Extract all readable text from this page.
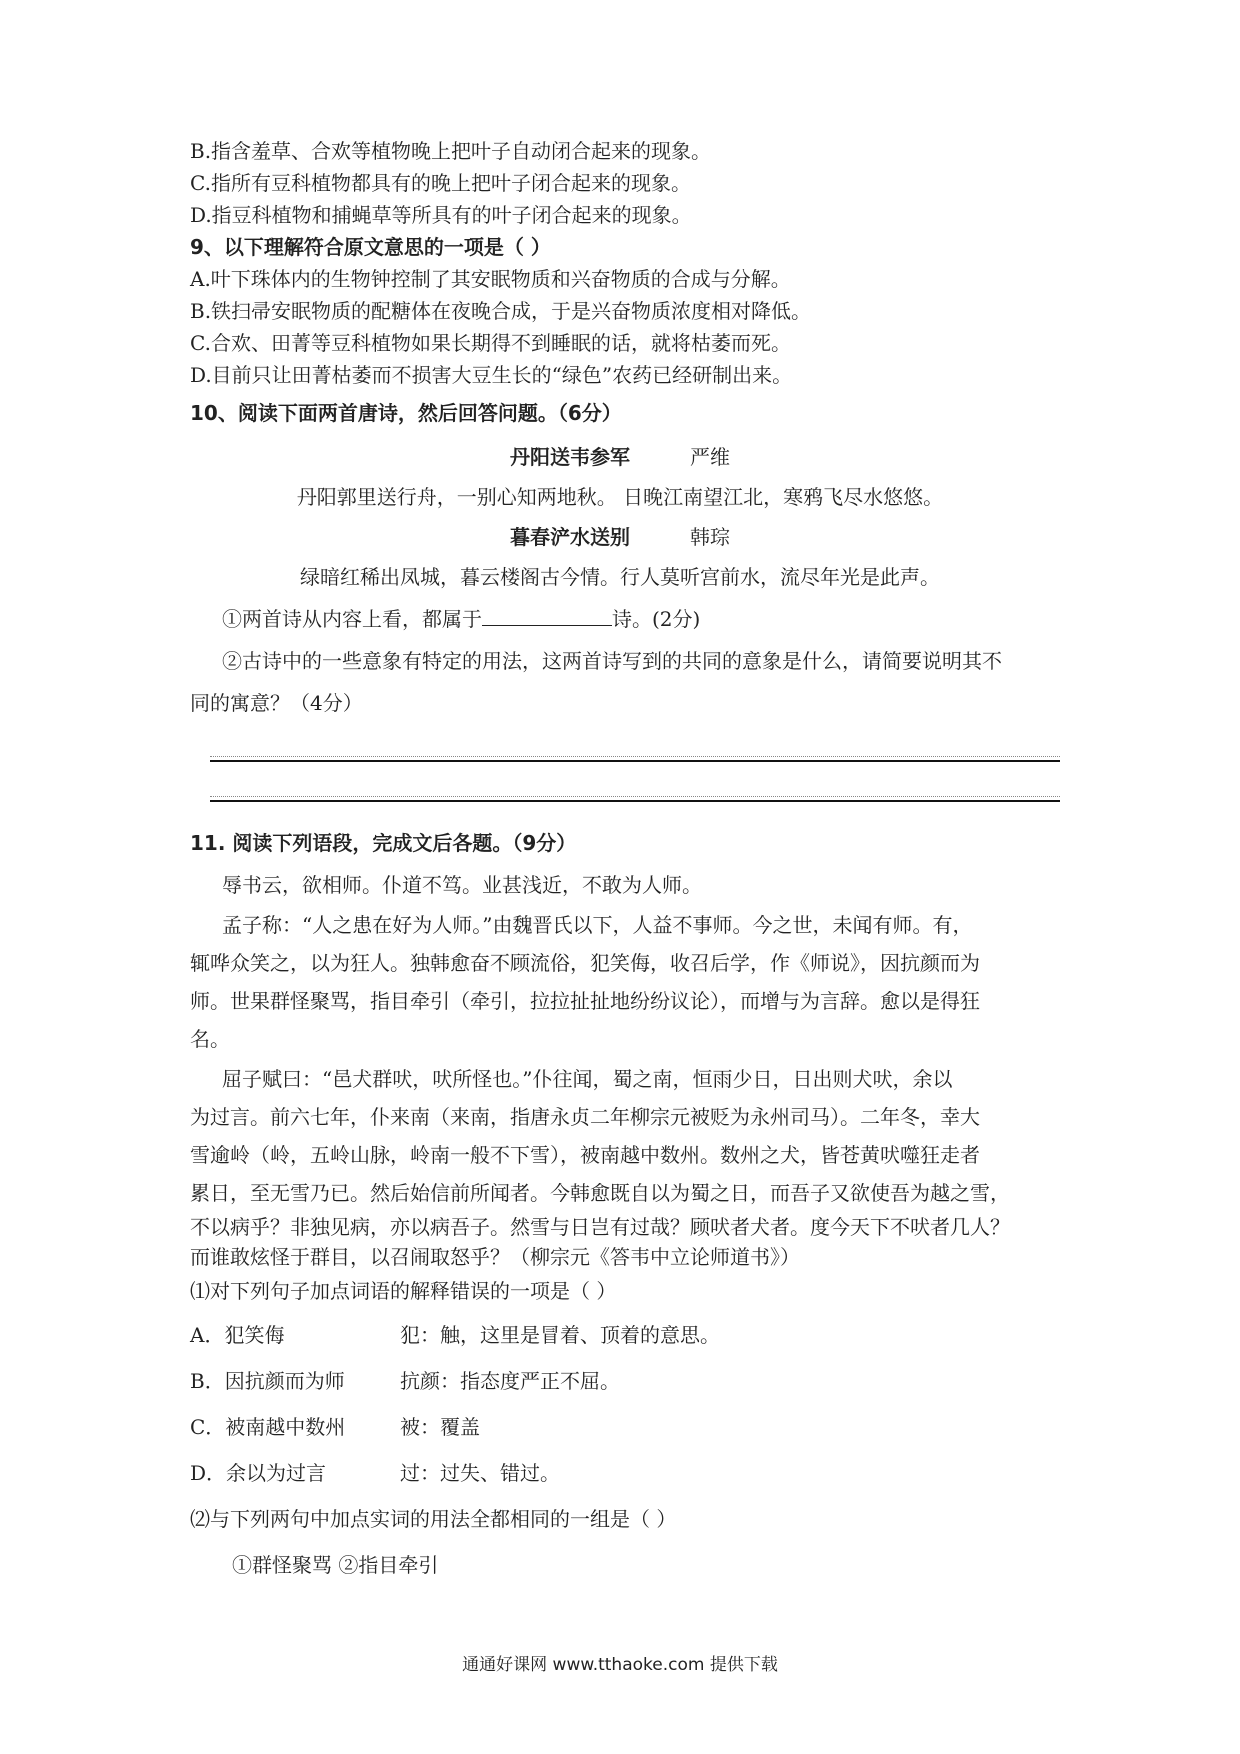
B.指含羞草、合欢等植物晚上把叶子自动闭合起来的现象。
C.指所有豆科植物都具有的晚上把叶子闭合起来的现象。
D.指豆科植物和捕蝇草等所具有的叶子闭合起来的现象。
9、以下理解符合原文意思的一项是（ ）
A.叶下珠体内的生物钟控制了其安眠物质和兴奋物质的合成与分解。
B.铁扫帚安眠物质的配糖体在夜晚合成，于是兴奋物质浓度相对降低。
C.合欢、田菁等豆科植物如果长期得不到睡眠的话，就将枯萎而死。
D.目前只让田菁枯萎而不损害大豆生长的“绿色”农药已经研制出来。
10、阅读下面两首唐诗，然后回答问题。（6分）
丹阳送韦参军	严维
丹阳郭里送行舟，一别心知两地秋。 日晚江南望江北，寒鸦飞尽水悠悠。
暮春浐水送别	韩琮
绿暗红稀出凤城，暮云楼阁古今情。行人莫听宫前水，流尽年光是此声。
①两首诗从内容上看，都属于	诗。(2分)
②古诗中的一些意象有特定的用法，这两首诗写到的共同的意象是什么，请简要说明其不
同的寓意？（4分）
11. 阅读下列语段，完成文后各题。（9分）
辱书云，欲相师。仆道不笃。业甚浅近，不敢为人师。
孟子称：“人之患在好为人师。”由魏晋氏以下，人益不事师。今之世，未闻有师。有，
辄哗众笑之，以为狂人。独韩愈奋不顾流俗，犯笑侮，收召后学，作《师说》，因抗颜而为
师。世果群怪聚骂，指目牵引（牵引，拉拉扯扯地纷纷议论），而增与为言辞。愈以是得狂
名。
屈子赋曰：“邑犬群吠，吠所怪也。”仆往闻，蜀之南，恒雨少日，日出则犬吠，余以
为过言。前六七年，仆来南（来南，指唐永贞二年柳宗元被贬为永州司马）。二年冬，幸大
雪逾岭（岭，五岭山脉，岭南一般不下雪），被南越中数州。数州之犬，皆苍黄吠噬狂走者
累日，至无雪乃已。然后始信前所闻者。今韩愈既自以为蜀之日，而吾子又欲使吾为越之雪，
不以病乎？非独见病，亦以病吾子。然雪与日岂有过哉？顾吠者犬者。度今天下不吠者几人？
而谁敢炫怪于群目，以召闹取怒乎？（柳宗元《答韦中立论师道书》）
⑴对下列句子加点词语的解释错误的一项是（ ）
A．犯笑侮	犯：触，这里是冒着、顶着的意思。
B．因抗颜而为师	抗颜：指态度严正不屈。
C．被南越中数州	被：覆盖
D．余以为过言	过：过失、错过。
⑵与下列两句中加点实词的用法全都相同的一组是（ ）
①群怪聚骂 ②指目牵引
通通好课网 www.tthaoke.com 提供下载
